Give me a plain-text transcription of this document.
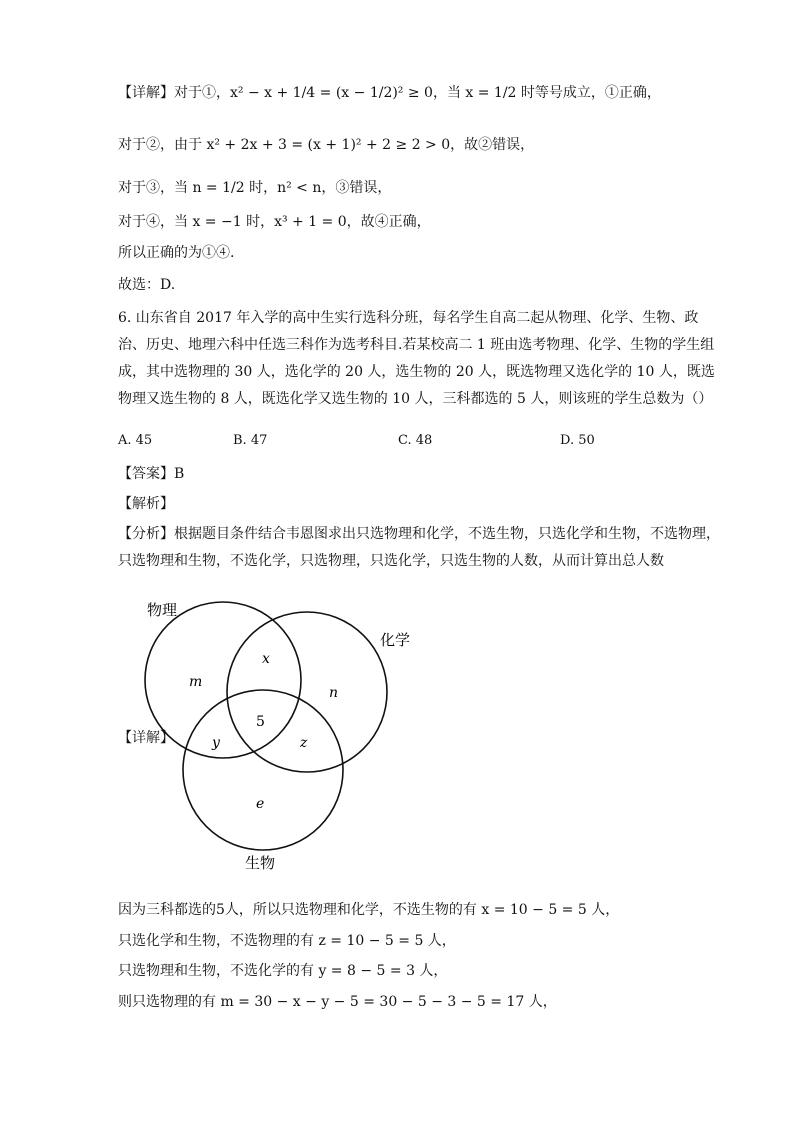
【详解】对于①，x² − x + 1/4 = (x − 1/2)² ≥ 0，当 x = 1/2 时等号成立，①正确，
对于②，由于 x² + 2x + 3 = (x + 1)² + 2 ≥ 2 > 0，故②错误，
对于③，当 n = 1/2 时，n² < n，③错误，
对于④，当 x = −1 时，x³ + 1 = 0，故④正确，
所以正确的为①④.
故选：D.
6. 山东省自 2017 年入学的高中生实行选科分班，每名学生自高二起从物理、化学、生物、政治、历史、地理六科中任选三科作为选考科目.若某校高二 1 班由选考物理、化学、生物的学生组成，其中选物理的 30 人，选化学的 20 人，选生物的 20 人，既选物理又选化学的 10 人，既选物理又选生物的 8 人，既选化学又选生物的 10 人，三科都选的 5 人，则该班的学生总数为（）
A. 45	B. 47	C. 48	D. 50
【答案】B
【解析】
【分析】根据题目条件结合韦恩图求出只选物理和化学，不选生物，只选化学和生物，不选物理，只选物理和生物，不选化学，只选物理，只选化学，只选生物的人数，从而计算出总人数
【详解】
物理
化学
生物
m
x
n
5
y	z
e
因为三科都选的5人，所以只选物理和化学，不选生物的有 x = 10 − 5 = 5 人，
只选化学和生物，不选物理的有 z = 10 − 5 = 5 人，
只选物理和生物，不选化学的有 y = 8 − 5 = 3 人，
则只选物理的有 m = 30 − x − y − 5 = 30 − 5 − 3 − 5 = 17 人，
